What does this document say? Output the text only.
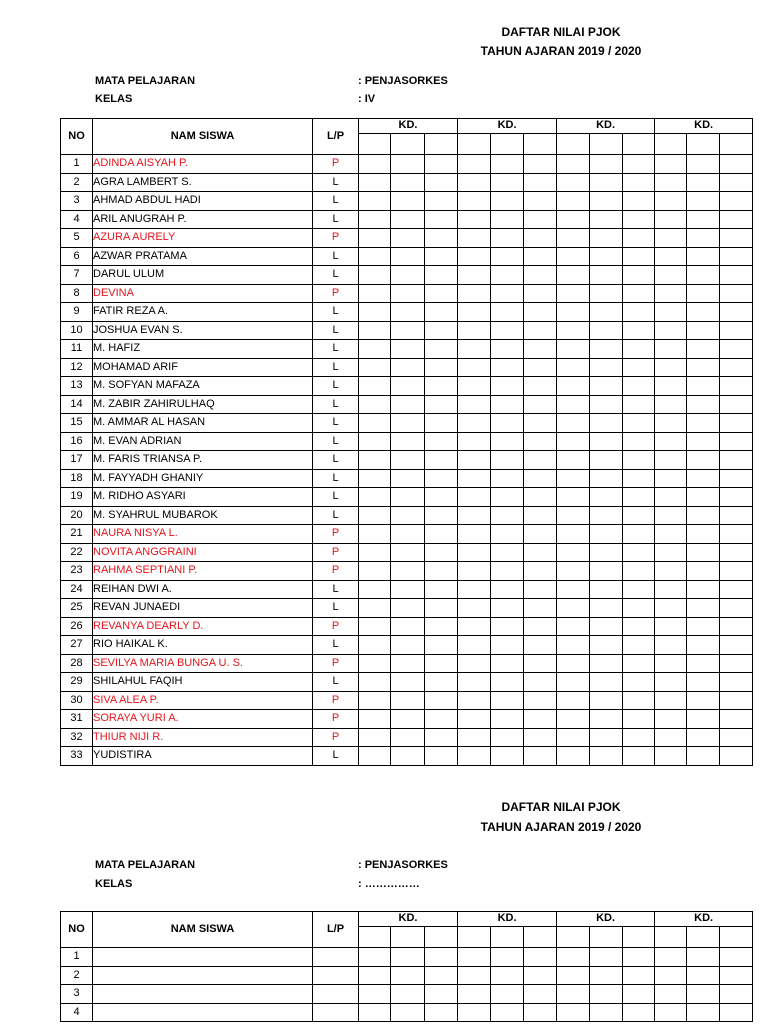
DAFTAR NILAI PJOK
TAHUN AJARAN 2019 / 2020
MATA PELAJARAN	: PENJASORKES
KELAS	: IV
NO	NAM SISWA	L/P	KD.			KD.			KD.			KD.		

1	ADINDA AISYAH P.	P												
2	AGRA LAMBERT S.	L												
3	AHMAD ABDUL HADI	L												
4	ARIL ANUGRAH P.	L												
5	AZURA AURELY	P												
6	AZWAR PRATAMA	L												
7	DARUL ULUM	L												
8	DEVINA	P												
9	FATIR REZA A.	L												
10	JOSHUA EVAN S.	L												
11	M. HAFIZ	L												
12	MOHAMAD ARIF	L												
13	M. SOFYAN MAFAZA	L												
14	M. ZABIR ZAHIRULHAQ	L												
15	M. AMMAR AL HASAN	L												
16	M. EVAN ADRIAN	L												
17	M. FARIS TRIANSA P.	L												
18	M. FAYYADH GHANIY	L												
19	M. RIDHO ASYARI	L												
20	M. SYAHRUL MUBAROK	L												
21	NAURA NISYA L.	P												
22	NOVITA ANGGRAINI	P												
23	RAHMA SEPTIANI P.	P												
24	REIHAN DWI A.	L												
25	REVAN JUNAEDI	L												
26	REVANYA DEARLY D.	P												
27	RIO HAIKAL K.	L												
28	SEVILYA MARIA BUNGA U. S.	P												
29	SHILAHUL FAQIH	L												
30	SIVA ALEA P.	P												
31	SORAYA YURI A.	P												
32	THIUR NIJI R.	P												
33	YUDISTIRA	L												
DAFTAR NILAI PJOK
TAHUN AJARAN 2019 / 2020
MATA PELAJARAN	: PENJASORKES
KELAS	: ……………
NO	NAM SISWA	L/P	KD.			KD.			KD.			KD.		

1														
2														
3														
4														
